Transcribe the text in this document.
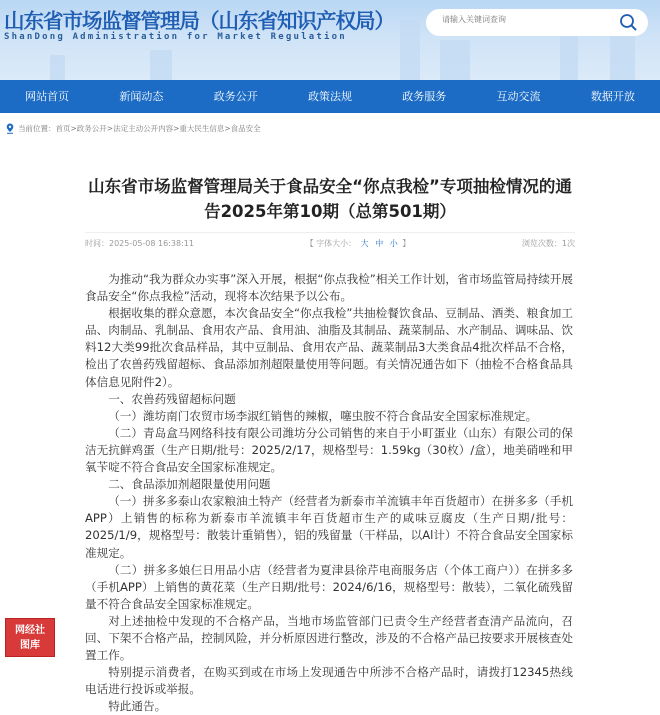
山东省市场监督管理局（山东省知识产权局）
ShanDong Administration for Market Regulation
请输入关键词查询
网站首页	新闻动态	政务公开	政策法规	政务服务	互动交流	数据开放
当前位置：首页>政务公开>法定主动公开内容>重大民生信息>食品安全
山东省市场监督管理局关于食品安全“你点我检”专项抽检情况的通告2025年第10期（总第501期）
时间：2025-05-08 16:38:11	【 字体大小： 大 中 小 】	浏览次数：1次

为推动“我为群众办实事”深入开展，根据“你点我检”相关工作计划，省市场监管局持续开展食品安全“你点我检”活动，现将本次结果予以公布。

根据收集的群众意愿，本次食品安全“你点我检”共抽检餐饮食品、豆制品、酒类、粮食加工品、肉制品、乳制品、食用农产品、食用油、油脂及其制品、蔬菜制品、水产制品、调味品、饮料12大类99批次食品样品，其中豆制品、食用农产品、蔬菜制品3大类食品4批次样品不合格，检出了农兽药残留超标、食品添加剂超限量使用等问题。有关情况通告如下（抽检不合格食品具体信息见附件2）。

一、农兽药残留超标问题

（一）潍坊南门农贸市场李淑红销售的辣椒，噻虫胺不符合食品安全国家标准规定。

（二）青岛盒马网络科技有限公司潍坊分公司销售的来自于小町蛋业（山东）有限公司的保洁无抗鲜鸡蛋（生产日期/批号：2025/2/17，规格型号：1.59kg（30枚）/盒），地美硝唑和甲氧苄啶不符合食品安全国家标准规定。

二、食品添加剂超限量使用问题

（一）拼多多泰山农家粮油土特产（经营者为新泰市羊流镇丰年百货超市）在拼多多（手机APP）上销售的标称为新泰市羊流镇丰年百货超市生产的咸味豆腐皮（生产日期/批号：2025/1/9，规格型号：散装计重销售），铝的残留量（干样品，以Al计）不符合食品安全国家标准规定。

（二）拼多多娘仨日用品小店（经营者为夏津县徐芹电商服务店（个体工商户））在拼多多（手机APP）上销售的黄花菜（生产日期/批号：2024/6/16，规格型号：散装），二氧化硫残留量不符合食品安全国家标准规定。

对上述抽检中发现的不合格产品，当地市场监管部门已责令生产经营者查清产品流向，召回、下架不合格产品，控制风险，并分析原因进行整改，涉及的不合格产品已按要求开展核查处置工作。

特别提示消费者，在购买到或在市场上发现通告中所涉不合格产品时，请拨打12345热线电话进行投诉或举报。

特此通告。

网经社
图库
